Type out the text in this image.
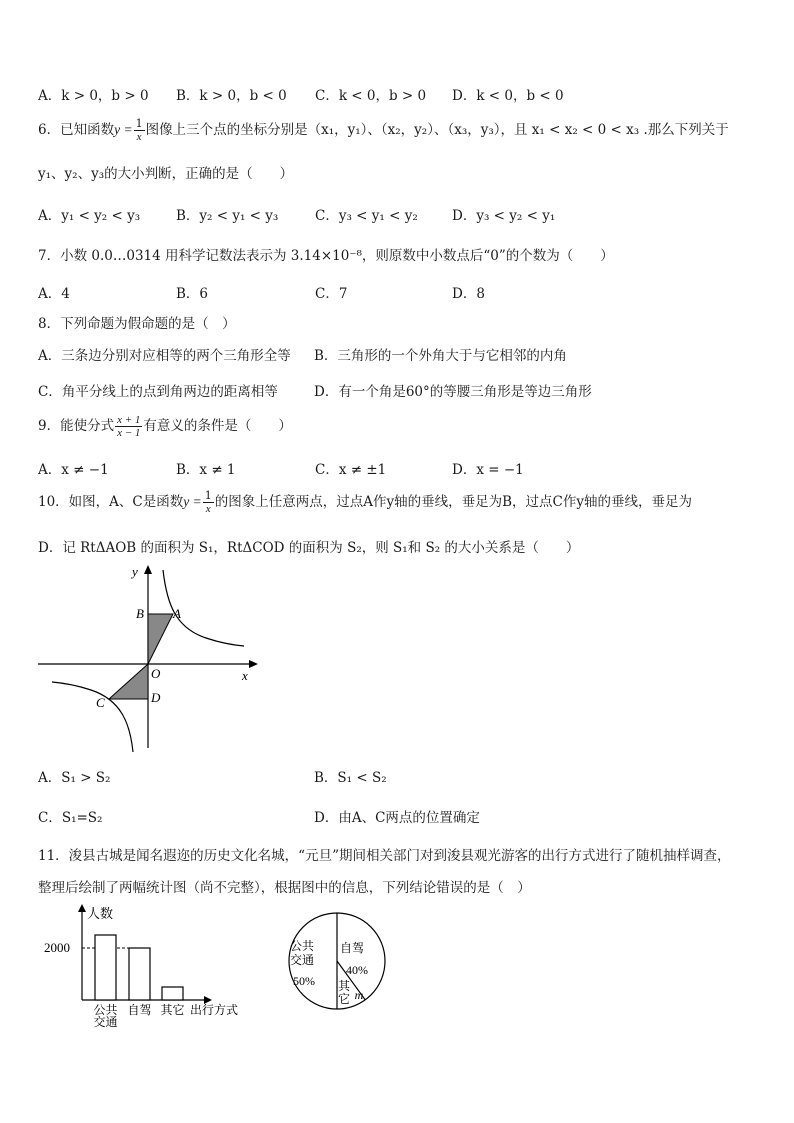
A．k > 0，b > 0 B．k > 0，b < 0 C．k < 0，b > 0 D．k < 0，b < 0
6．已知函数$y = \frac{1}{x}$ 图像上三个点的坐标分别是（x₁，y₁）、（x₂，y₂）、（x₃，y₃），且 x₁ < x₂ < 0 < x₃ .那么下列关于
y₁、y₂、y₃的大小判断，正确的是（　　）
A．y₁ < y₂ < y₃	B．y₂ < y₁ < y₃	C．y₃ < y₁ < y₂	D．y₃ < y₂ < y₁
7．小数 0.0…0314 用科学记数法表示为 3.14×10⁻⁸，则原数中小数点后“0”的个数为（　　）
A．4	B．6	C．7	D．8
8．下列命题为假命题的是（　）
A．三条边分别对应相等的两个三角形全等 B．三角形的一个外角大于与它相邻的内角
C．角平分线上的点到角两边的距离相等	D．有一个角是60°的等腰三角形是等边三角形
9．能使分式 $\frac{x + 1}{x - 1}$ 有意义的条件是（　　）
A．x ≠ −1	B．x ≠ 1	C．x ≠ ±1	D．x = −1
10．如图，A、C是函数$y = \frac{1}{x}$ 的图象上任意两点，过点A作y轴的垂线，垂足为B，过点C作y轴的垂线，垂足为
D．记 RtΔAOB 的面积为 S₁，RtΔCOD 的面积为 S₂，则 S₁和 S₂ 的大小关系是（　　）
y
x
B A
O
C	D
A．S₁ > S₂	B．S₁ < S₂
C．S₁=S₂	D．由A、C两点的位置确定
11．浚县古城是闻名遐迩的历史文化名城，“元旦”期间相关部门对到浚县观光游客的出行方式进行了随机抽样调查，
整理后绘制了两幅统计图（尚不完整），根据图中的信息，下列结论错误的是（　）
人数
2000
公共
交通
自驾 其它 出行方式
公共
交通
50%
自驾
40%
其
它 m
